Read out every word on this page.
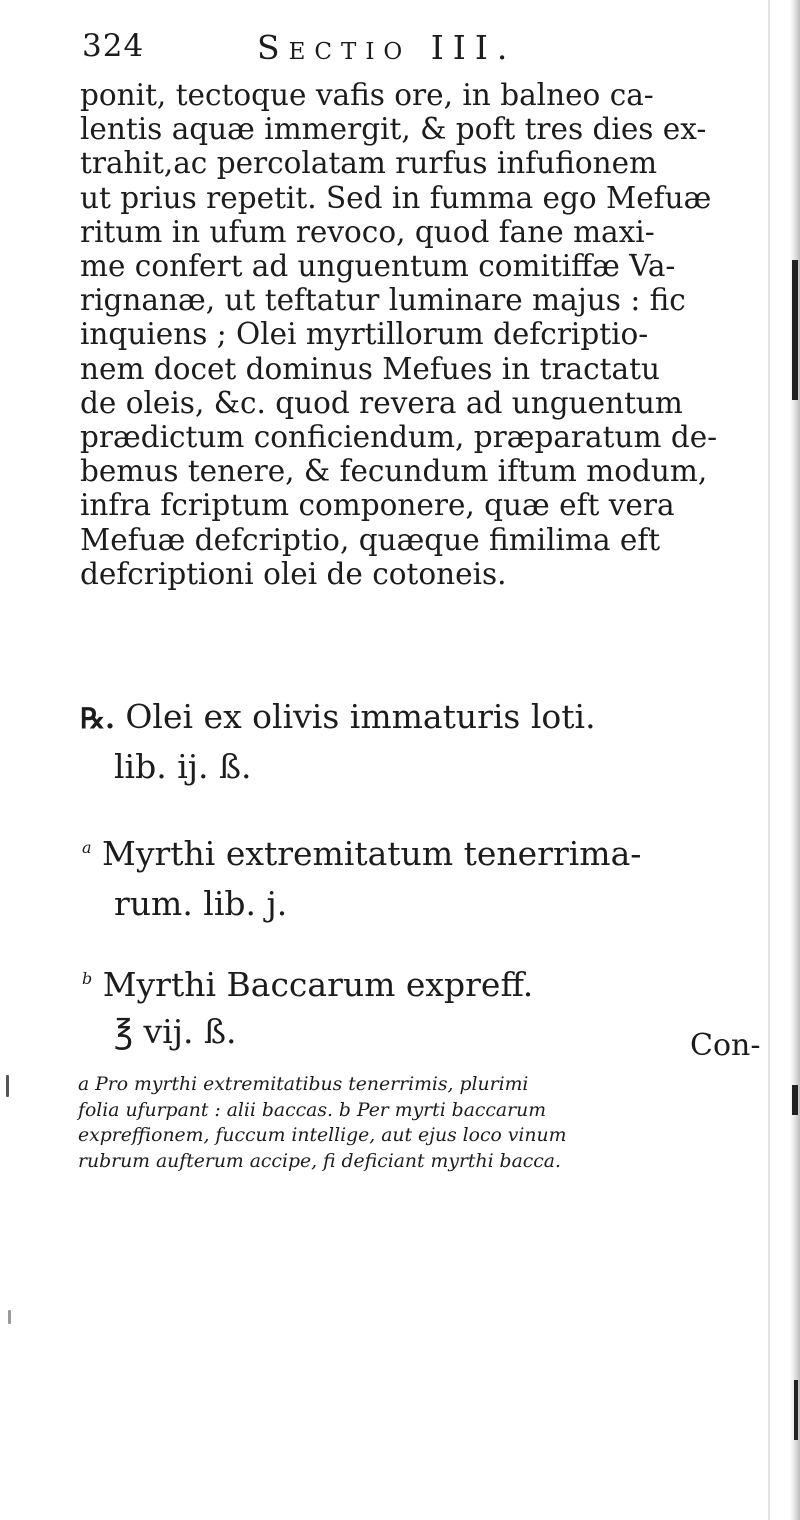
324	Sectio III.
ponit, tectoque vafis ore, in balneo ca-
lentis aquæ immergit, & poft tres dies ex-
trahit,ac percolatam rurfus infufionem
ut prius repetit. Sed in fumma ego Mefuæ
ritum in ufum revoco, quod fane maxi-
me confert ad unguentum comitiffæ Va-
rignanæ, ut teftatur luminare majus : fic
inquiens ; Olei myrtillorum defcriptio-
nem docet dominus Mefues in tractatu
de oleis, &c. quod revera ad unguentum
prædictum conficiendum, præparatum de-
bemus tenere, & fecundum iftum modum,
infra fcriptum componere, quæ eft vera
Mefuæ defcriptio, quæque fimilima eft
defcriptioni olei de cotoneis.
℞. Olei ex olivis immaturis loti.
lib. ij. ß.
$^a$ Myrthi extremitatum tenerrima-
rum. lib. j.
$^b$ Myrthi Baccarum expreff.
℥ vij. ß.	Con-
a Pro myrthi extremitatibus tenerrimis, plurimi
folia ufurpant : alii baccas. b Per myrti baccarum
expreffionem, fuccum intellige, aut ejus loco vinum
rubrum aufterum accipe, fi deficiant myrthi bacca.
